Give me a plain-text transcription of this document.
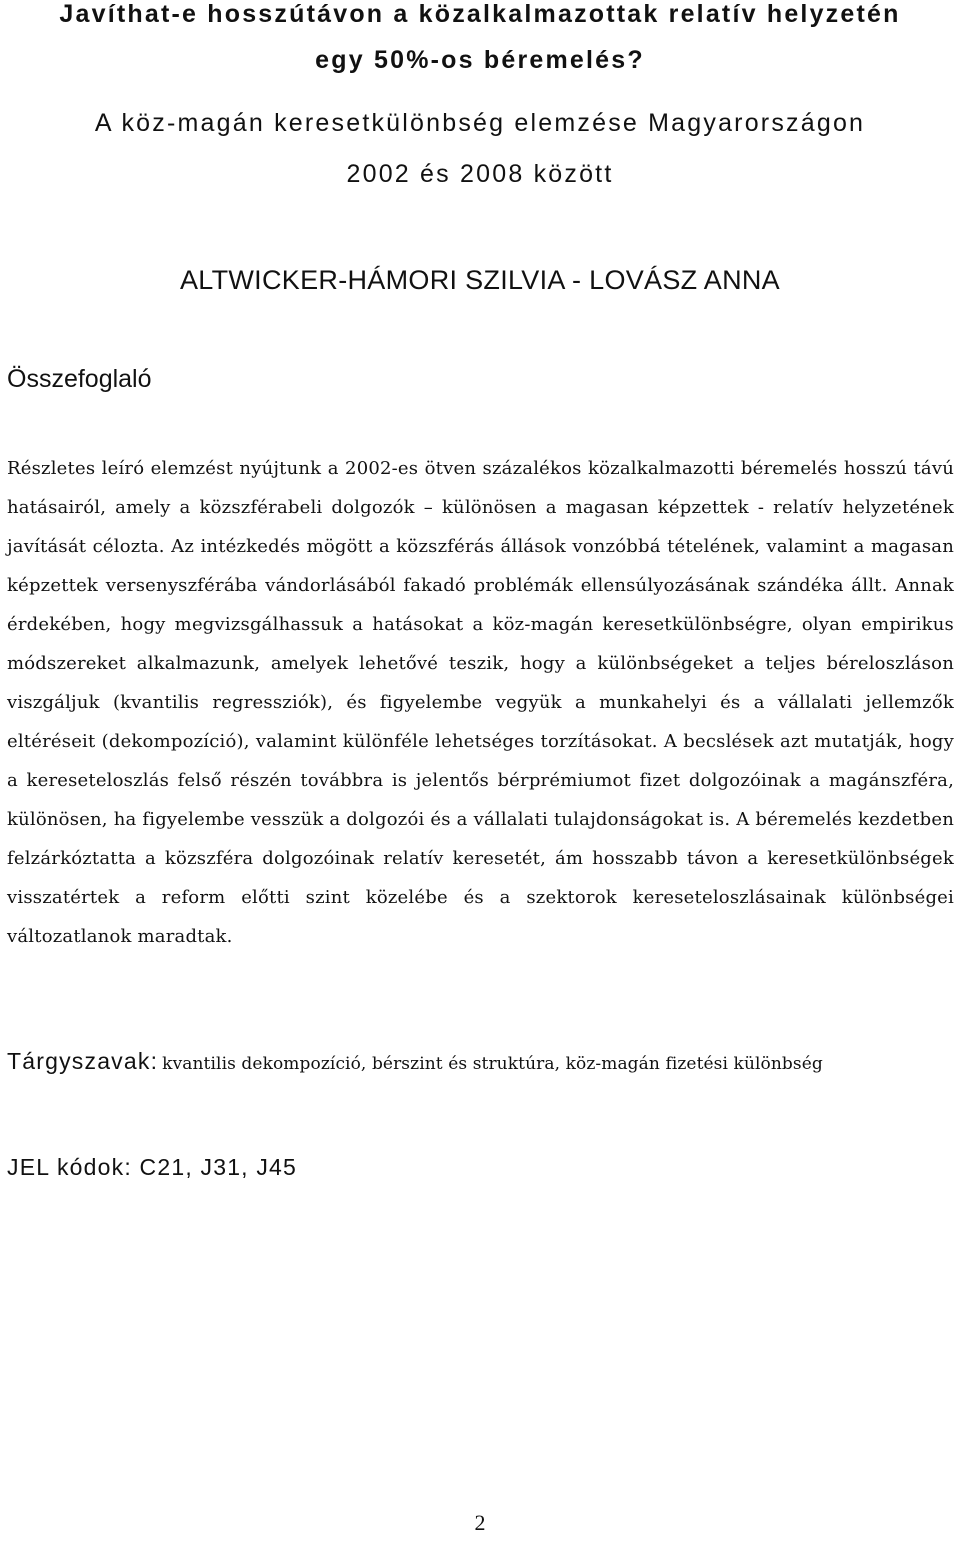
Javíthat-e hosszútávon a közalkalmazottak relatív helyzetén
egy 50%-os béremelés?
A köz-magán keresetkülönbség elemzése Magyarországon
2002 és 2008 között
ALTWICKER-HÁMORI SZILVIA - LOVÁSZ ANNA
Összefoglaló

Részletes leíró elemzést nyújtunk a 2002-es ötven százalékos közalkalmazotti béremelés hosszú távú hatásairól, amely a közszférabeli dolgozók – különösen a magasan képzettek - relatív helyzetének javítását célozta. Az intézkedés mögött a közszférás állások vonzóbbá tételének, valamint a magasan képzettek versenyszférába vándorlásából fakadó problémák ellensúlyozásának szándéka állt. Annak érdekében, hogy megvizsgálhassuk a hatásokat a köz-magán keresetkülönbségre, olyan empirikus módszereket alkalmazunk, amelyek lehetővé teszik, hogy a különbségeket a teljes béreloszláson viszgáljuk (kvantilis regressziók), és figyelembe vegyük a munkahelyi és a vállalati jellemzők eltéréseit (dekompozíció), valamint különféle lehetséges torzításokat. A becslések azt mutatják, hogy a kereseteloszlás felső részén továbbra is jelentős bérprémiumot fizet dolgozóinak a magánszféra, különösen, ha figyelembe vesszük a dolgozói és a vállalati tulajdonságokat is. A béremelés kezdetben felzárkóztatta a közszféra dolgozóinak relatív keresetét, ám hosszabb távon a keresetkülönbségek visszatértek a reform előtti szint közelébe és a szektorok kereseteloszlásainak különbségei változatlanok maradtak.

Tárgyszavak: kvantilis dekompozíció, bérszint és struktúra, köz-magán fizetési különbség
JEL kódok: C21, J31, J45
2
